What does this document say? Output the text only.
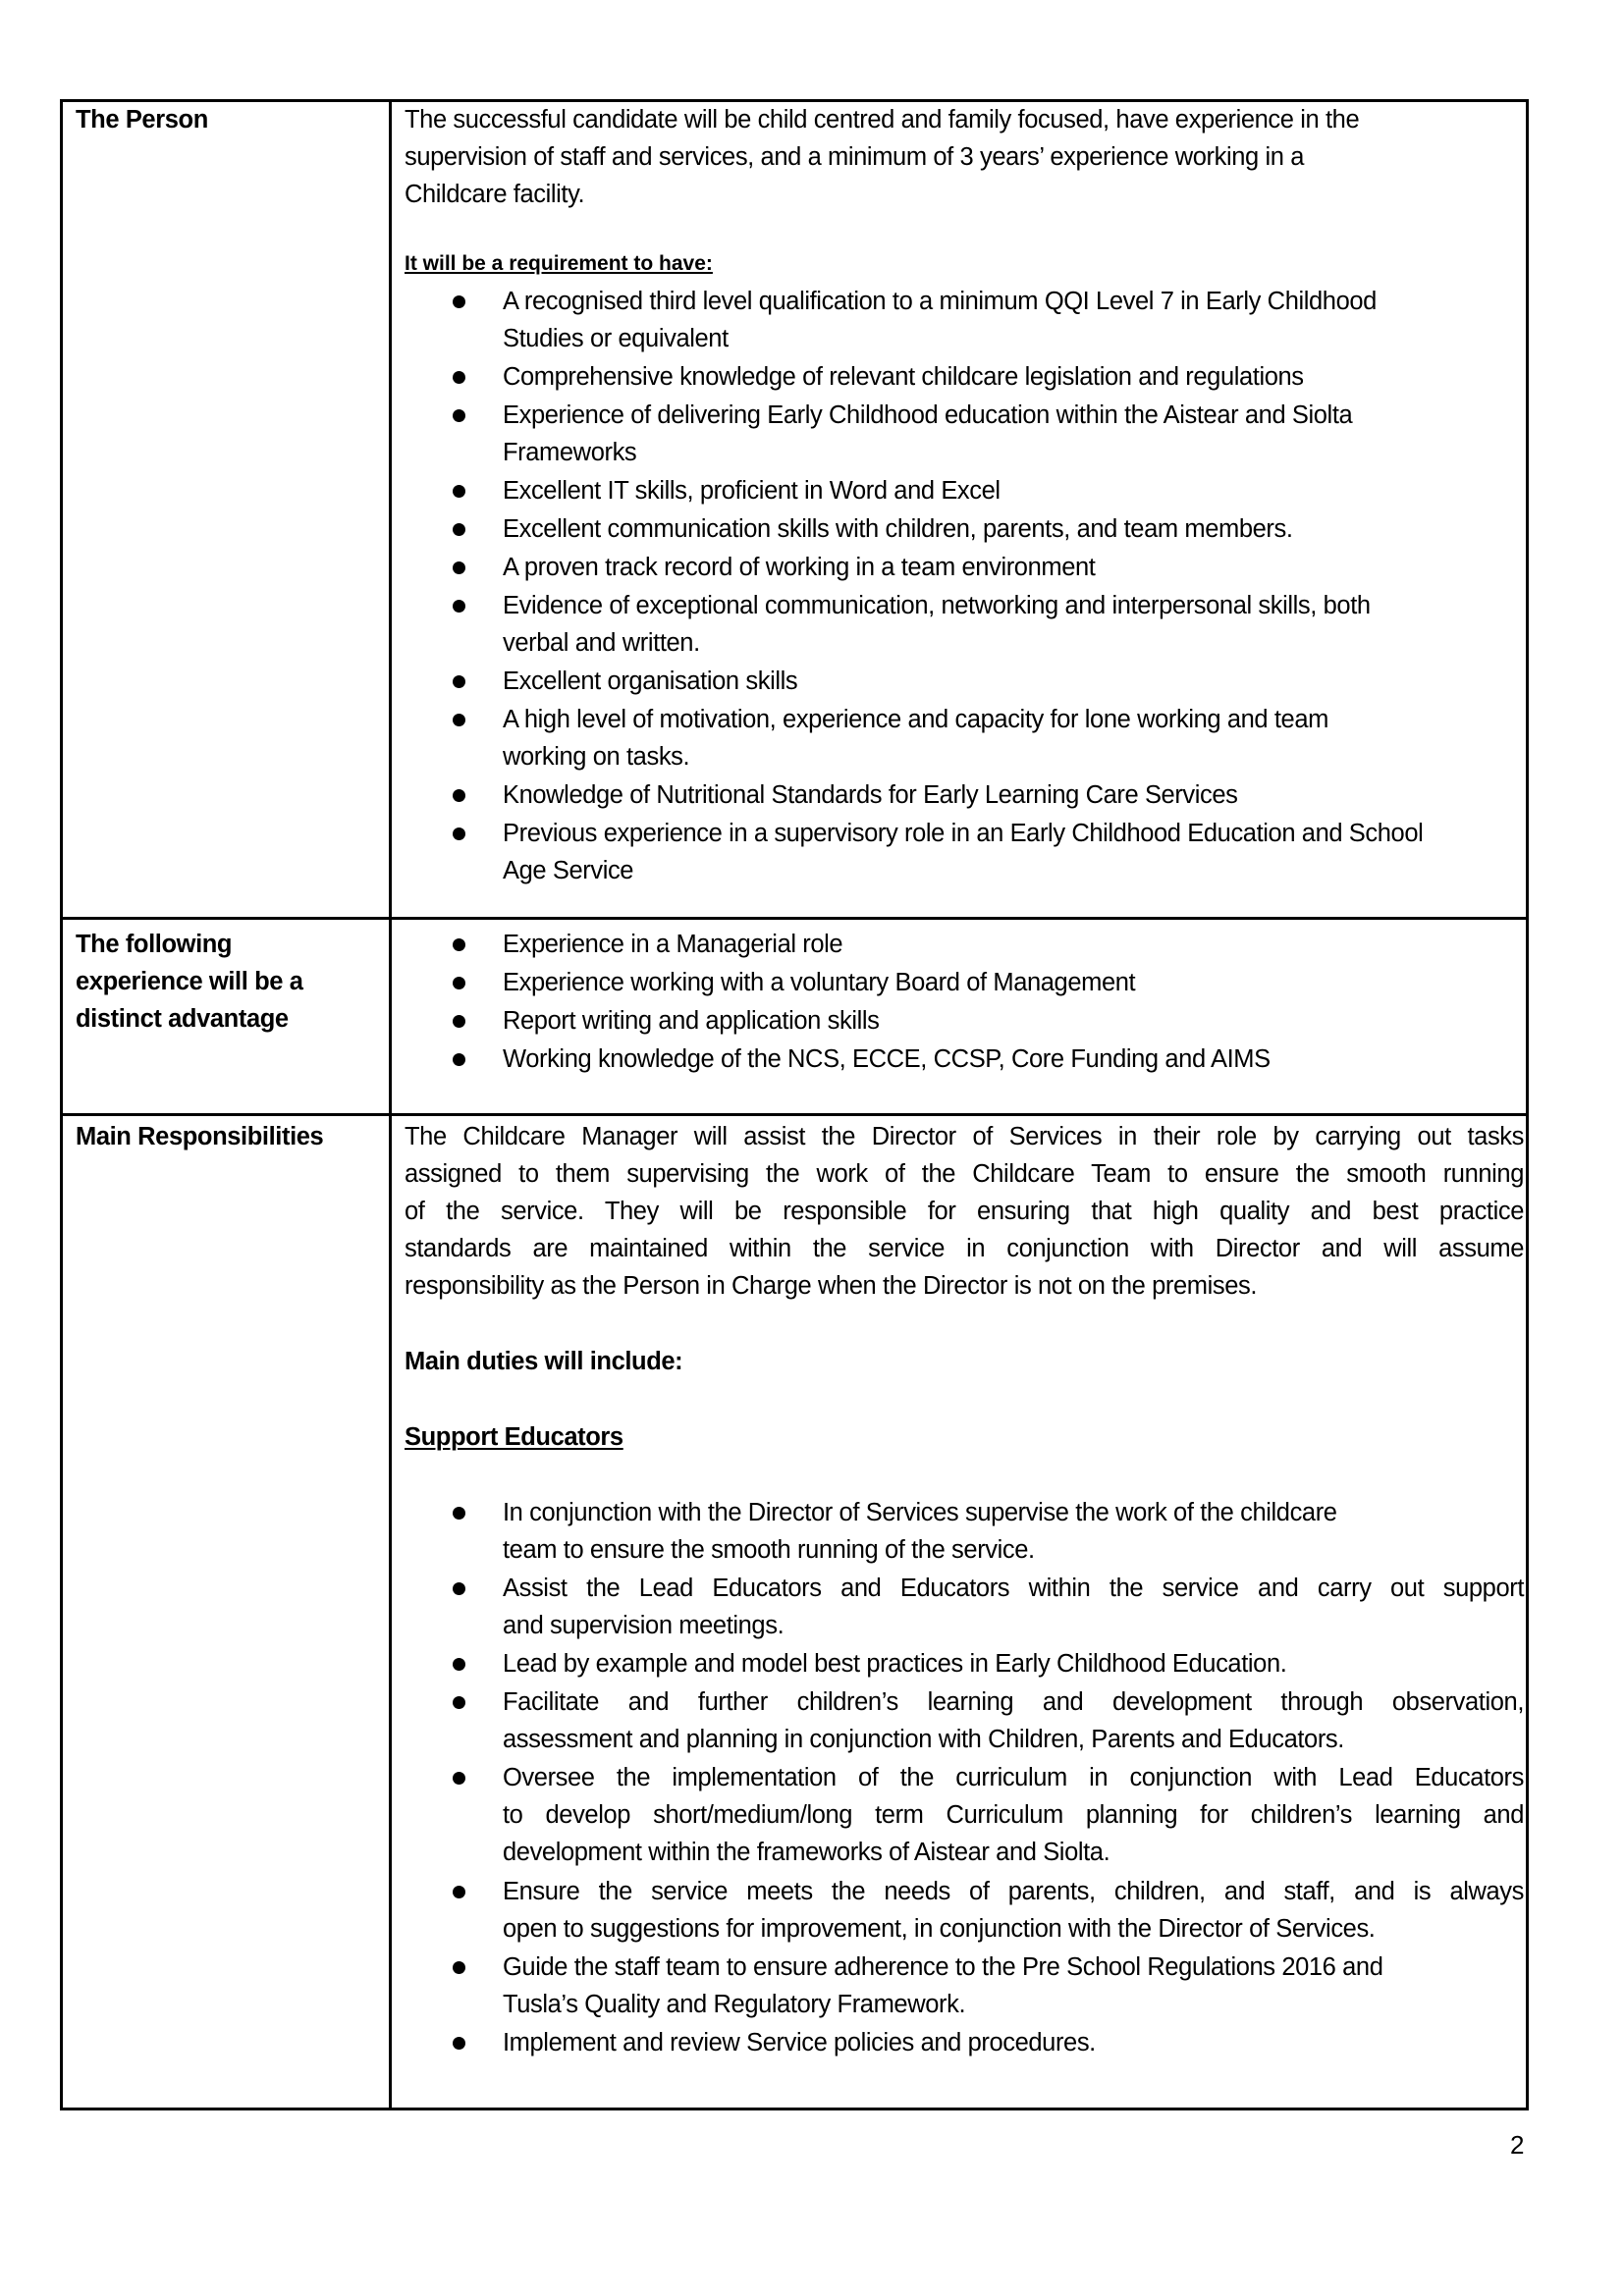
The Person	The successful candidate will be child centred and family focused, have experience in the
supervision of staff and services, and a minimum of 3 years’ experience working in a
Childcare facility.
It will be a requirement to have:
A recognised third level qualification to a minimum QQI Level 7 in Early Childhood
Studies or equivalent
Comprehensive knowledge of relevant childcare legislation and regulations
Experience of delivering Early Childhood education within the Aistear and Siolta
Frameworks
Excellent IT skills, proficient in Word and Excel
Excellent communication skills with children, parents, and team members.
A proven track record of working in a team environment
Evidence of exceptional communication, networking and interpersonal skills, both
verbal and written.
Excellent organisation skills
A high level of motivation, experience and capacity for lone working and team
working on tasks.
Knowledge of Nutritional Standards for Early Learning Care Services
Previous experience in a supervisory role in an Early Childhood Education and School
Age Service
The following
experience will be a
distinct advantage
Experience in a Managerial role
Experience working with a voluntary Board of Management
Report writing and application skills
Working knowledge of the NCS, ECCE, CCSP, Core Funding and AIMS
Main Responsibilities	The Childcare Manager will assist the Director of Services in their role by carrying out tasks
assigned to them supervising the work of the Childcare Team to ensure the smooth running
of the service. They will be responsible for ensuring that high quality and best practice
standards are maintained within the service in conjunction with Director and will assume
responsibility as the Person in Charge when the Director is not on the premises.
Main duties will include:
Support Educators
In conjunction with the Director of Services supervise the work of the childcare
team to ensure the smooth running of the service.
Assist the Lead Educators and Educators within the service and carry out support
and supervision meetings.
Lead by example and model best practices in Early Childhood Education.
Facilitate and further children’s learning and development through observation,
assessment and planning in conjunction with Children, Parents and Educators.
Oversee the implementation of the curriculum in conjunction with Lead Educators
to develop short/medium/long term Curriculum planning for children’s learning and
development within the frameworks of Aistear and Siolta.
Ensure the service meets the needs of parents, children, and staff, and is always
open to suggestions for improvement, in conjunction with the Director of Services.
Guide the staff team to ensure adherence to the Pre School Regulations 2016 and
Tusla’s Quality and Regulatory Framework.
Implement and review Service policies and procedures.
2
